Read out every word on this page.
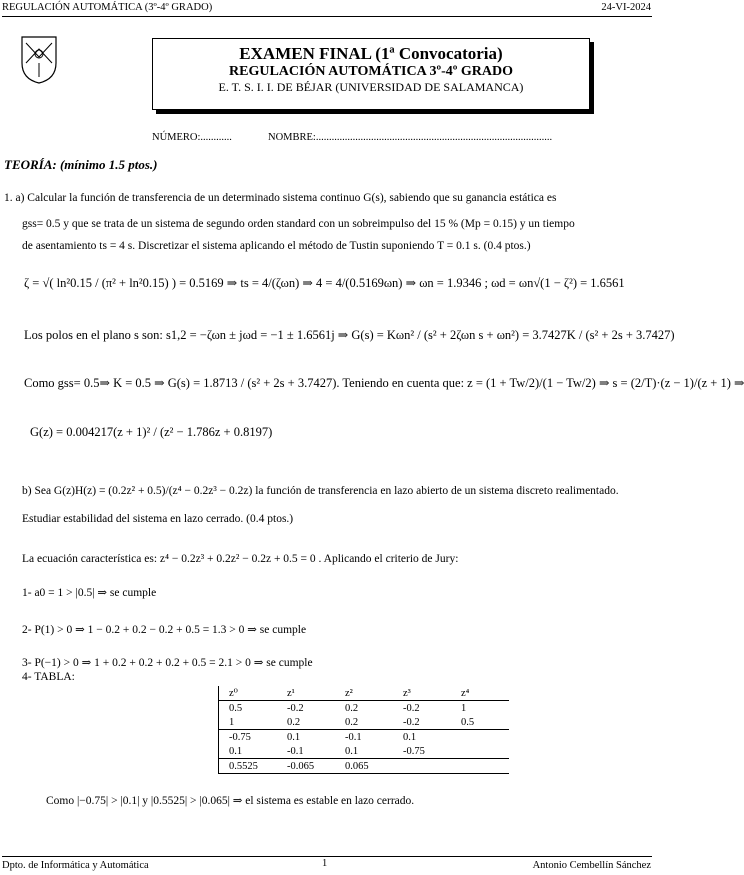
REGULACIÓN AUTOMÁTICA (3º-4º GRADO)	24-VI-2024
EXAMEN FINAL (1ª Convocatoria)
REGULACIÓN AUTOMÁTICA 3º-4º GRADO
E. T. S. I. I. DE BÉJAR (UNIVERSIDAD DE SALAMANCA)
NÚMERO:............	NOMBRE:..........................................................................................
TEORÍA: (mínimo 1.5 ptos.)
1. a) Calcular la función de transferencia de un determinado sistema continuo G(s), sabiendo que su ganancia estática es
gss= 0.5 y que se trata de un sistema de segundo orden standard con un sobreimpulso del 15 % (Mp = 0.15) y un tiempo
de asentamiento ts = 4 s. Discretizar el sistema aplicando el método de Tustin suponiendo T = 0.1 s. (0.4 ptos.)
ζ = √( ln²0.15 / (π² + ln²0.15) ) = 0.5169 ⇒ ts = 4/(ζωn) ⇒ 4 = 4/(0.5169ωn) ⇒ ωn = 1.9346 ; ωd = ωn√(1 − ζ²) = 1.6561
Los polos en el plano s son: s1,2 = −ζωn ± jωd = −1 ± 1.6561j ⇒ G(s) = Kωn² / (s² + 2ζωn s + ωn²) = 3.7427K / (s² + 2s + 3.7427)
Como gss= 0.5⇒ K = 0.5 ⇒ G(s) = 1.8713 / (s² + 2s + 3.7427). Teniendo en cuenta que: z = (1 + Tw/2)/(1 − Tw/2) ⇒ s = (2/T)·(z − 1)/(z + 1) ⇒
G(z) = 0.004217(z + 1)² / (z² − 1.786z + 0.8197)
b) Sea G(z)H(z) = (0.2z² + 0.5)/(z⁴ − 0.2z³ − 0.2z) la función de transferencia en lazo abierto de un sistema discreto realimentado.
Estudiar estabilidad del sistema en lazo cerrado. (0.4 ptos.)
La ecuación característica es: z⁴ − 0.2z³ + 0.2z² − 0.2z + 0.5 = 0 . Aplicando el criterio de Jury:
1- a0 = 1 > |0.5| ⇒ se cumple
2- P(1) > 0 ⇒ 1 − 0.2 + 0.2 − 0.2 + 0.5 = 1.3 > 0 ⇒ se cumple
3- P(−1) > 0 ⇒ 1 + 0.2 + 0.2 + 0.2 + 0.5 = 2.1 > 0 ⇒ se cumple
4- TABLA:
z⁰	z¹	z²	z³	z⁴
0.5	-0.2	0.2	-0.2	1
1	0.2	0.2	-0.2	0.5
-0.75	0.1	-0.1	0.1	
0.1	-0.1	0.1	-0.75	
0.5525	-0.065	0.065		
Como |−0.75| > |0.1| y |0.5525| > |0.065| ⇒ el sistema es estable en lazo cerrado.
Dpto. de Informática y Automática	1	Antonio Cembellín Sánchez
